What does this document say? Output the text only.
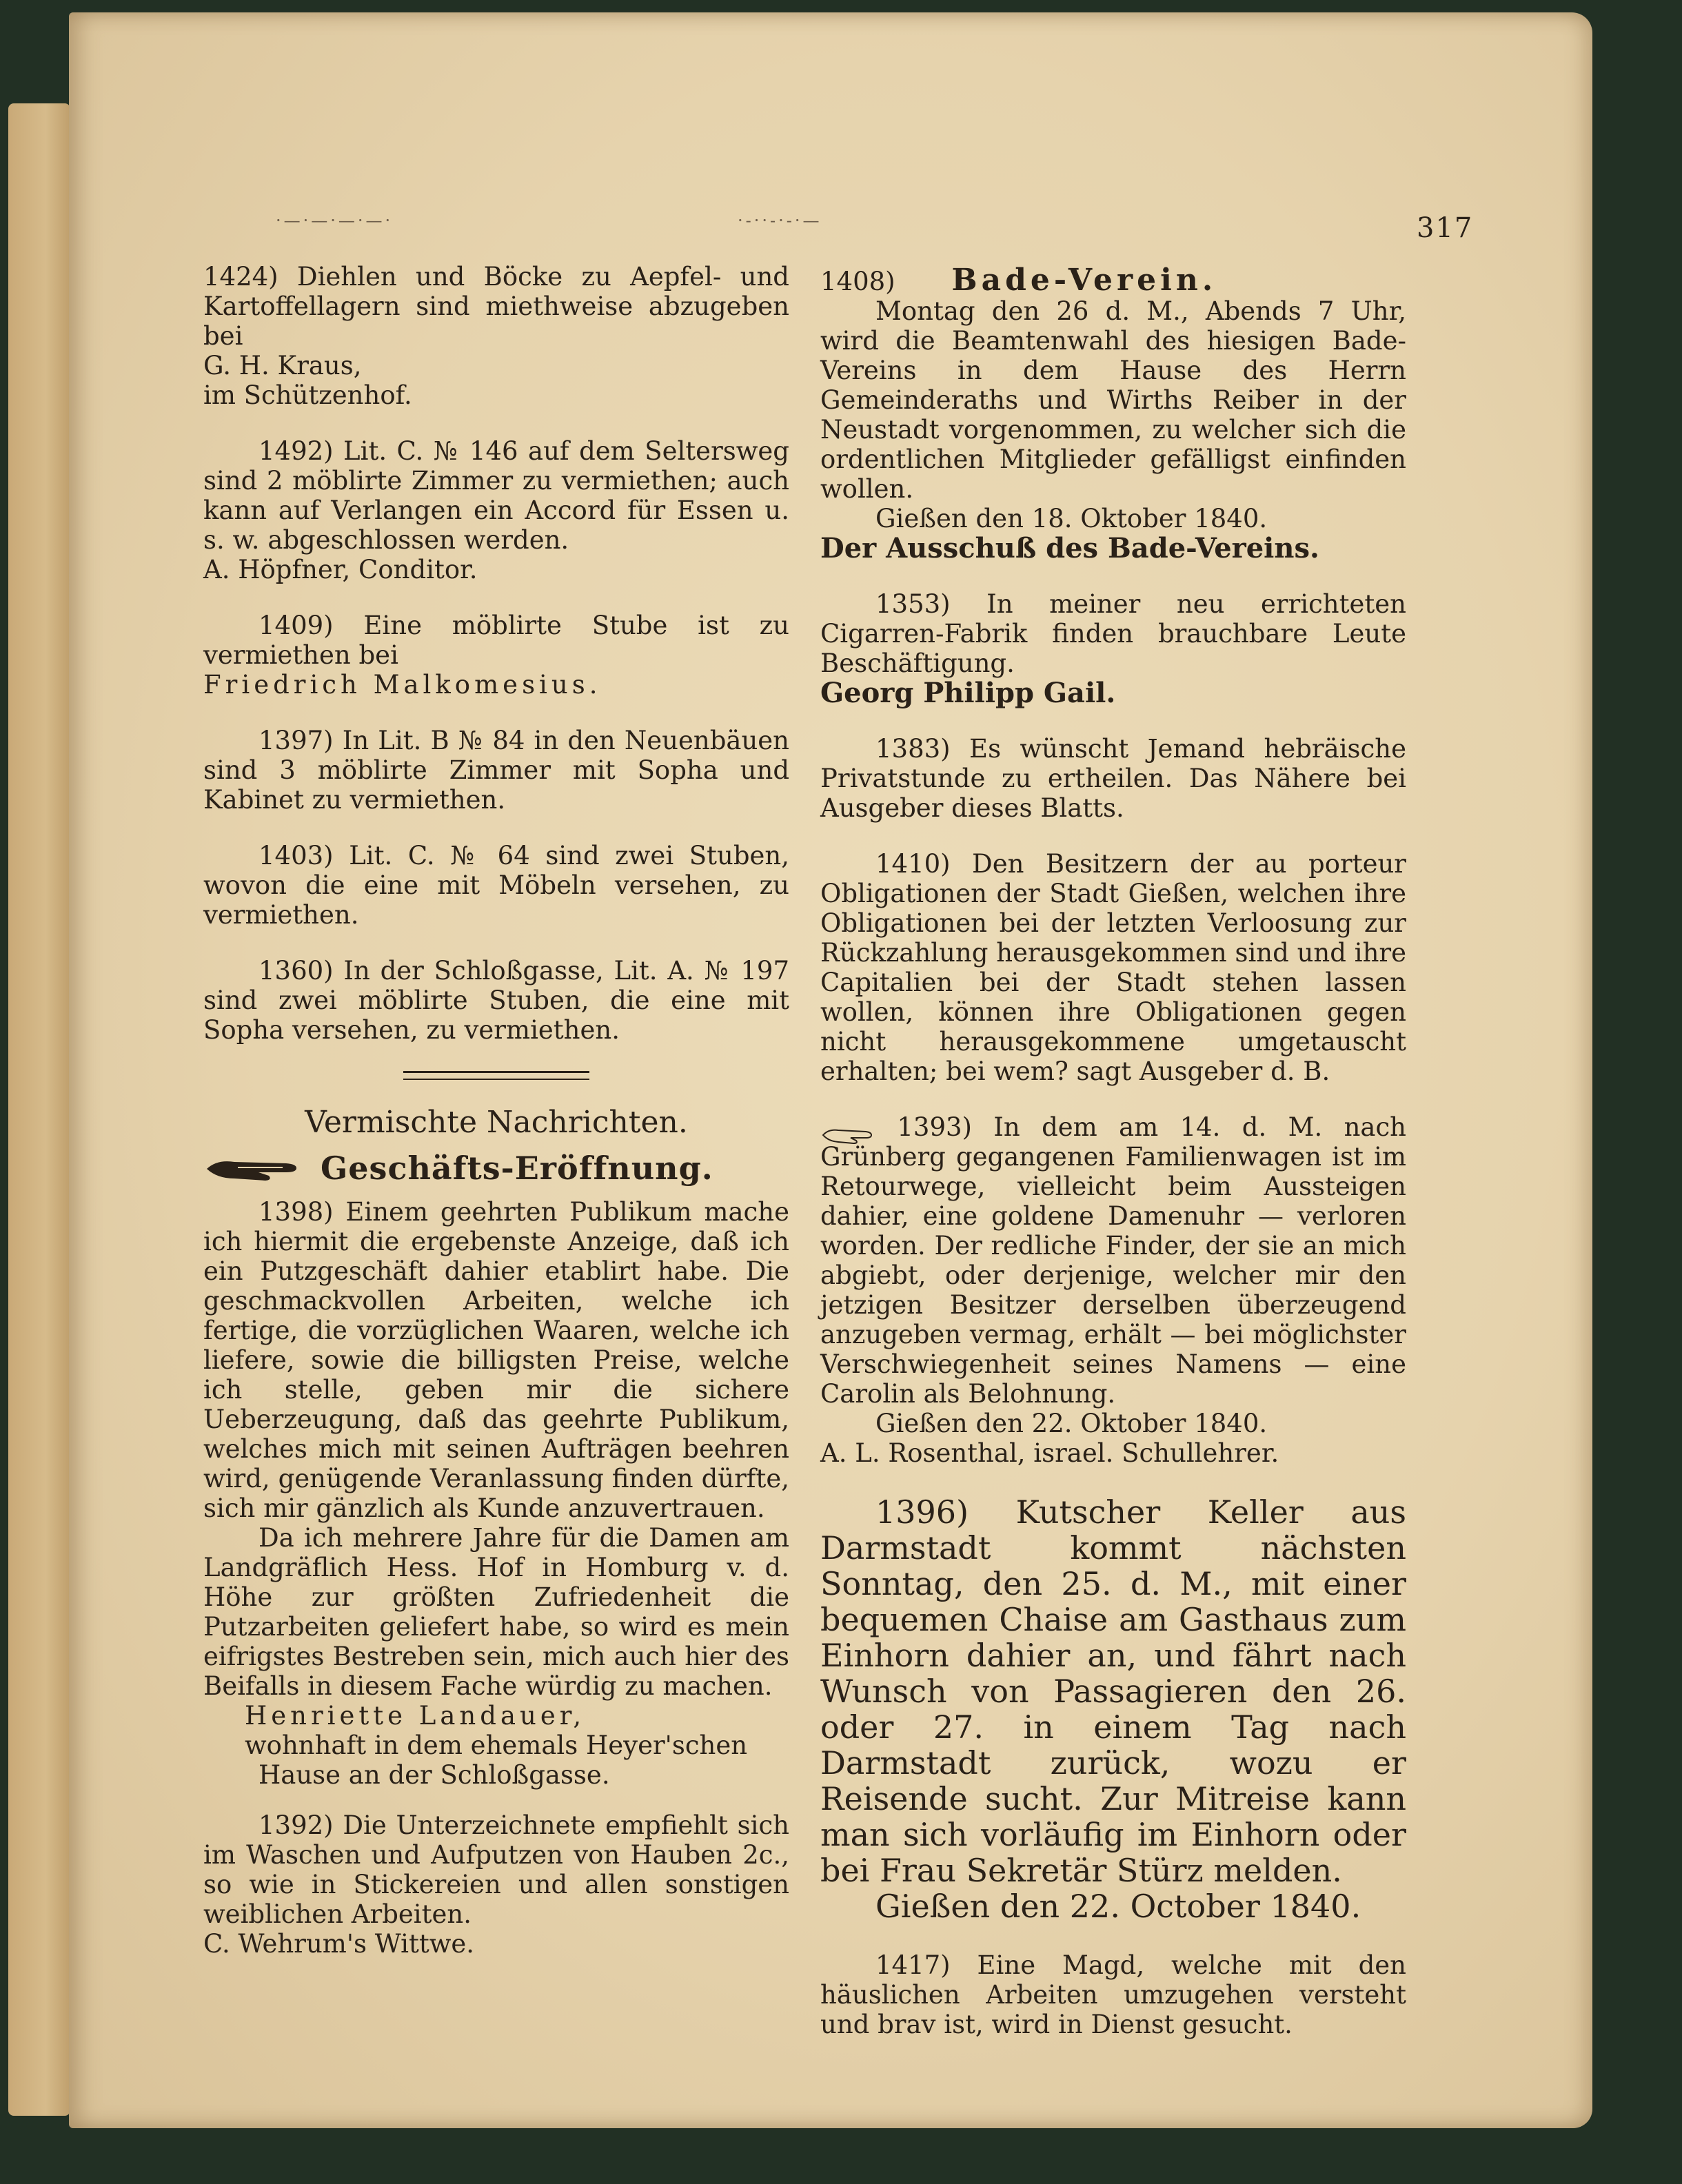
·—·—·—·—·	·-··-·-·—	317

1424) Diehlen und Böcke zu Aepfel- und Kartoffellagern sind miethweise abzugeben bei

G. H. Kraus,

im Schützenhof.

1492) Lit. C. № 146 auf dem Seltersweg sind 2 möblirte Zimmer zu vermiethen; auch kann auf Verlangen ein Accord für Essen u. s. w. abgeschlossen werden.

A. Höpfner, Conditor.

1409) Eine möblirte Stube ist zu vermiethen bei

Friedrich Malkomesius.

1397) In Lit. B № 84 in den Neuenbäuen sind 3 möblirte Zimmer mit Sopha und Kabinet zu vermiethen.

1403) Lit. C. № 64 sind zwei Stuben, wovon die eine mit Möbeln versehen, zu vermiethen.

1360) In der Schloßgasse, Lit. A. № 197 sind zwei möblirte Stuben, die eine mit Sopha versehen, zu vermiethen.

Vermischte Nachrichten.
Geschäfts-Eröffnung.

1398) Einem geehrten Publikum mache ich hiermit die ergebenste Anzeige, daß ich ein Putzgeschäft dahier etablirt habe. Die geschmackvollen Arbeiten, welche ich fertige, die vorzüglichen Waaren, welche ich liefere, sowie die billigsten Preise, welche ich stelle, geben mir die sichere Ueberzeugung, daß das geehrte Publikum, welches mich mit seinen Aufträgen beehren wird, genügende Veranlassung finden dürfte, sich mir gänzlich als Kunde anzuvertrauen.

Da ich mehrere Jahre für die Damen am Landgräflich Hess. Hof in Homburg v. d. Höhe zur größten Zufriedenheit die Putzarbeiten geliefert habe, so wird es mein eifrigstes Bestreben sein, mich auch hier des Beifalls in diesem Fache würdig zu machen.

Henriette Landauer,

wohnhaft in dem ehemals Heyer'schen

Hause an der Schloßgasse.

1392) Die Unterzeichnete empfiehlt sich im Waschen und Aufputzen von Hauben 2c., so wie in Stickereien und allen sonstigen weiblichen Arbeiten.

C. Wehrum's Wittwe.

1408) Bade-Verein.

Montag den 26 d. M., Abends 7 Uhr, wird die Beamtenwahl des hiesigen Bade-Vereins in dem Hause des Herrn Gemeinderaths und Wirths Reiber in der Neustadt vorgenommen, zu welcher sich die ordentlichen Mitglieder gefälligst einfinden wollen.

Gießen den 18. Oktober 1840.

Der Ausschuß des Bade-Vereins.

1353) In meiner neu errichteten Cigarren-Fabrik finden brauchbare Leute Beschäftigung.

Georg Philipp Gail.

1383) Es wünscht Jemand hebräische Privatstunde zu ertheilen. Das Nähere bei Ausgeber dieses Blatts.

1410) Den Besitzern der au porteur Obligationen der Stadt Gießen, welchen ihre Obligationen bei der letzten Verloosung zur Rückzahlung herausgekommen sind und ihre Capitalien bei der Stadt stehen lassen wollen, können ihre Obligationen gegen nicht herausgekommene umgetauscht erhalten; bei wem? sagt Ausgeber d. B.

1393) In dem am 14. d. M. nach Grünberg gegangenen Familienwagen ist im Retourwege, vielleicht beim Aussteigen dahier, eine goldene Damenuhr — verloren worden. Der redliche Finder, der sie an mich abgiebt, oder derjenige, welcher mir den jetzigen Besitzer derselben überzeugend anzugeben vermag, erhält — bei möglichster Verschwiegenheit seines Namens — eine Carolin als Belohnung.

Gießen den 22. Oktober 1840.

A. L. Rosenthal, israel. Schullehrer.

1396) Kutscher Keller aus Darmstadt kommt nächsten Sonntag, den 25. d. M., mit einer bequemen Chaise am Gasthaus zum Einhorn dahier an, und fährt nach Wunsch von Passagieren den 26. oder 27. in einem Tag nach Darmstadt zurück, wozu er Reisende sucht. Zur Mitreise kann man sich vorläufig im Einhorn oder bei Frau Sekretär Stürz melden.

Gießen den 22. October 1840.

1417) Eine Magd, welche mit den häuslichen Arbeiten umzugehen versteht und brav ist, wird in Dienst gesucht.
